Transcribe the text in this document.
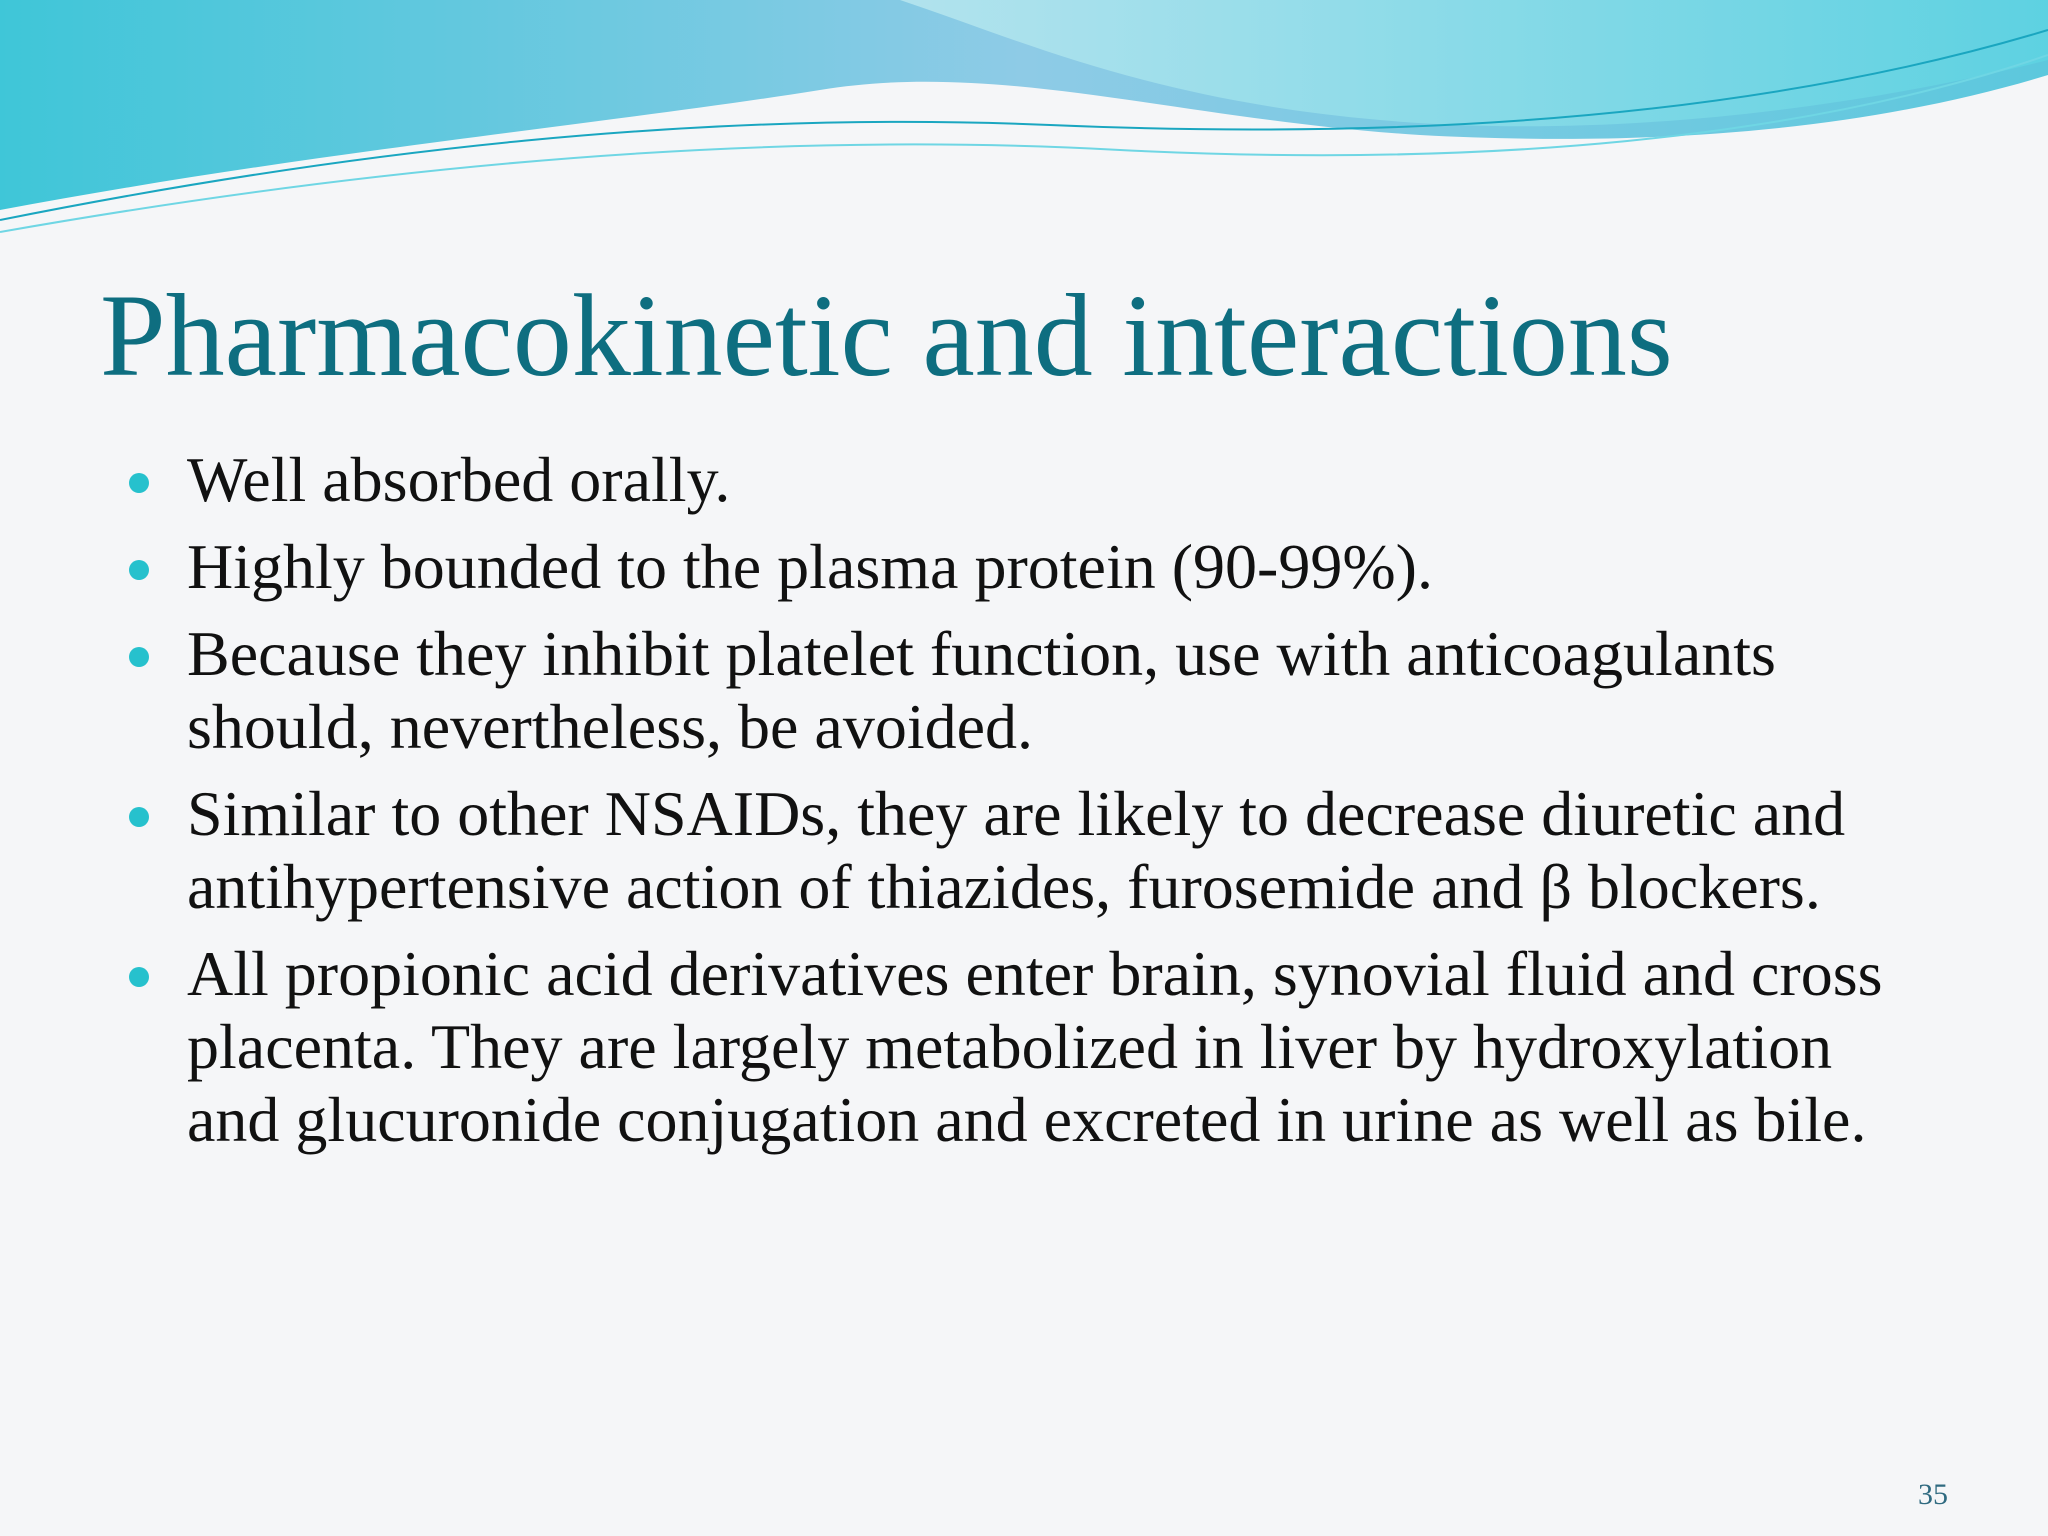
Pharmacokinetic and interactions
Well absorbed orally.
Highly bounded to the plasma protein (90-99%).
Because they inhibit platelet function, use with anticoagulants should, nevertheless, be avoided.
Similar to other NSAIDs, they are likely to decrease diuretic and antihypertensive action of thiazides, furosemide and β blockers.
All propionic acid derivatives enter brain, synovial fluid and cross placenta. They are largely metabolized in liver by hydroxylation and glucuronide conjugation and excreted in urine as well as bile.
35
